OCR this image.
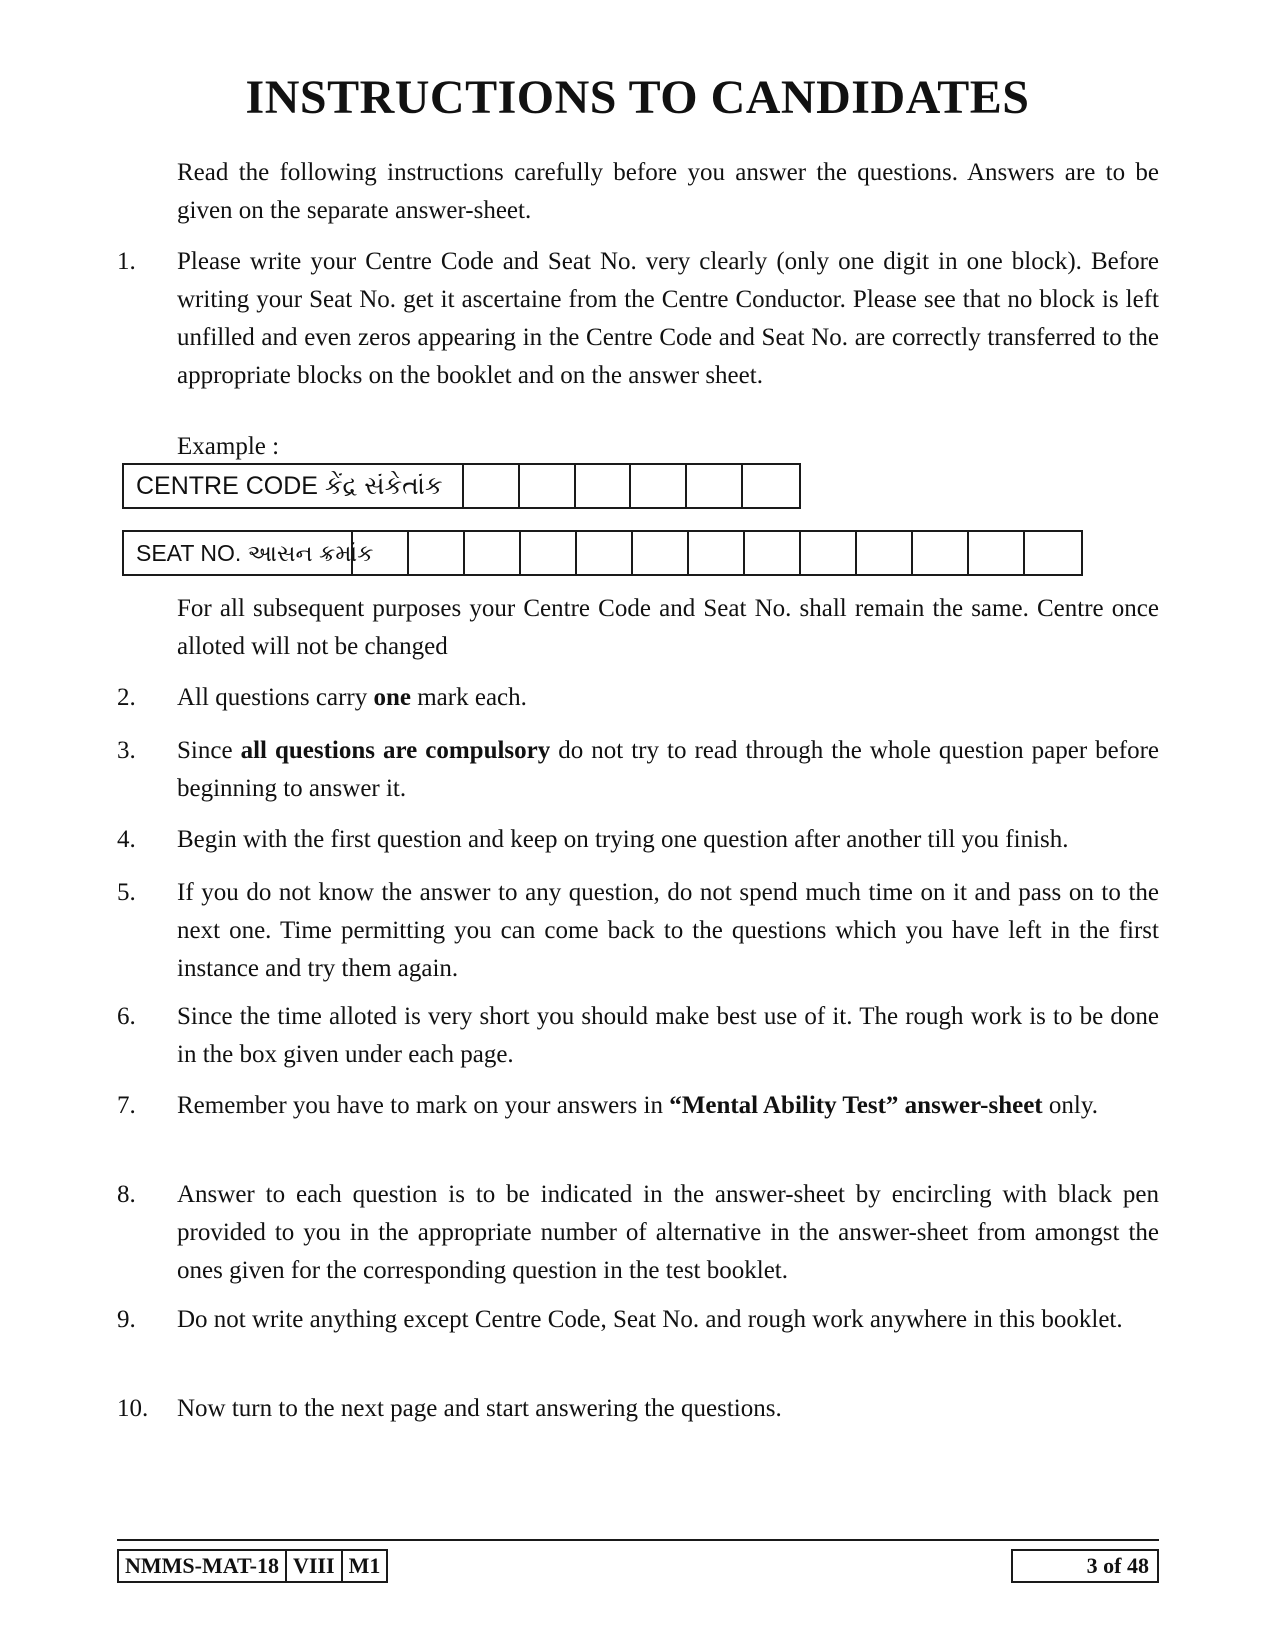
INSTRUCTIONS TO CANDIDATES
Read the following instructions carefully before you answer the questions. Answers are to be given on the separate answer-sheet.
1. Please write your Centre Code and Seat No. very clearly (only one digit in one block). Before writing your Seat No. get it ascertaine from the Centre Conductor. Please see that no block is left unfilled and even zeros appearing in the Centre Code and Seat No. are correctly transferred to the appropriate blocks on the booklet and on the answer sheet.
Example :
CENTRE CODE કેંદ્ર સંકેતાંક
SEAT NO. આસન ક્રમાંક
For all subsequent purposes your Centre Code and Seat No. shall remain the same. Centre once alloted will not be changed
2. All questions carry one mark each.
3. Since all questions are compulsory do not try to read through the whole question paper before beginning to answer it.
4. Begin with the first question and keep on trying one question after another till you finish.
5. If you do not know the answer to any question, do not spend much time on it and pass on to the next one. Time permitting you can come back to the questions which you have left in the first instance and try them again.
6. Since the time alloted is very short you should make best use of it. The rough work is to be done in the box given under each page.
7. Remember you have to mark on your answers in “Mental Ability Test” answer-sheet only.
8. Answer to each question is to be indicated in the answer-sheet by encircling with black pen provided to you in the appropriate number of alternative in the answer-sheet from amongst the ones given for the corresponding question in the test booklet.
9. Do not write anything except Centre Code, Seat No. and rough work anywhere in this booklet.
10. Now turn to the next page and start answering the questions.
NMMS-MAT-18 VIII M1	3 of 48
